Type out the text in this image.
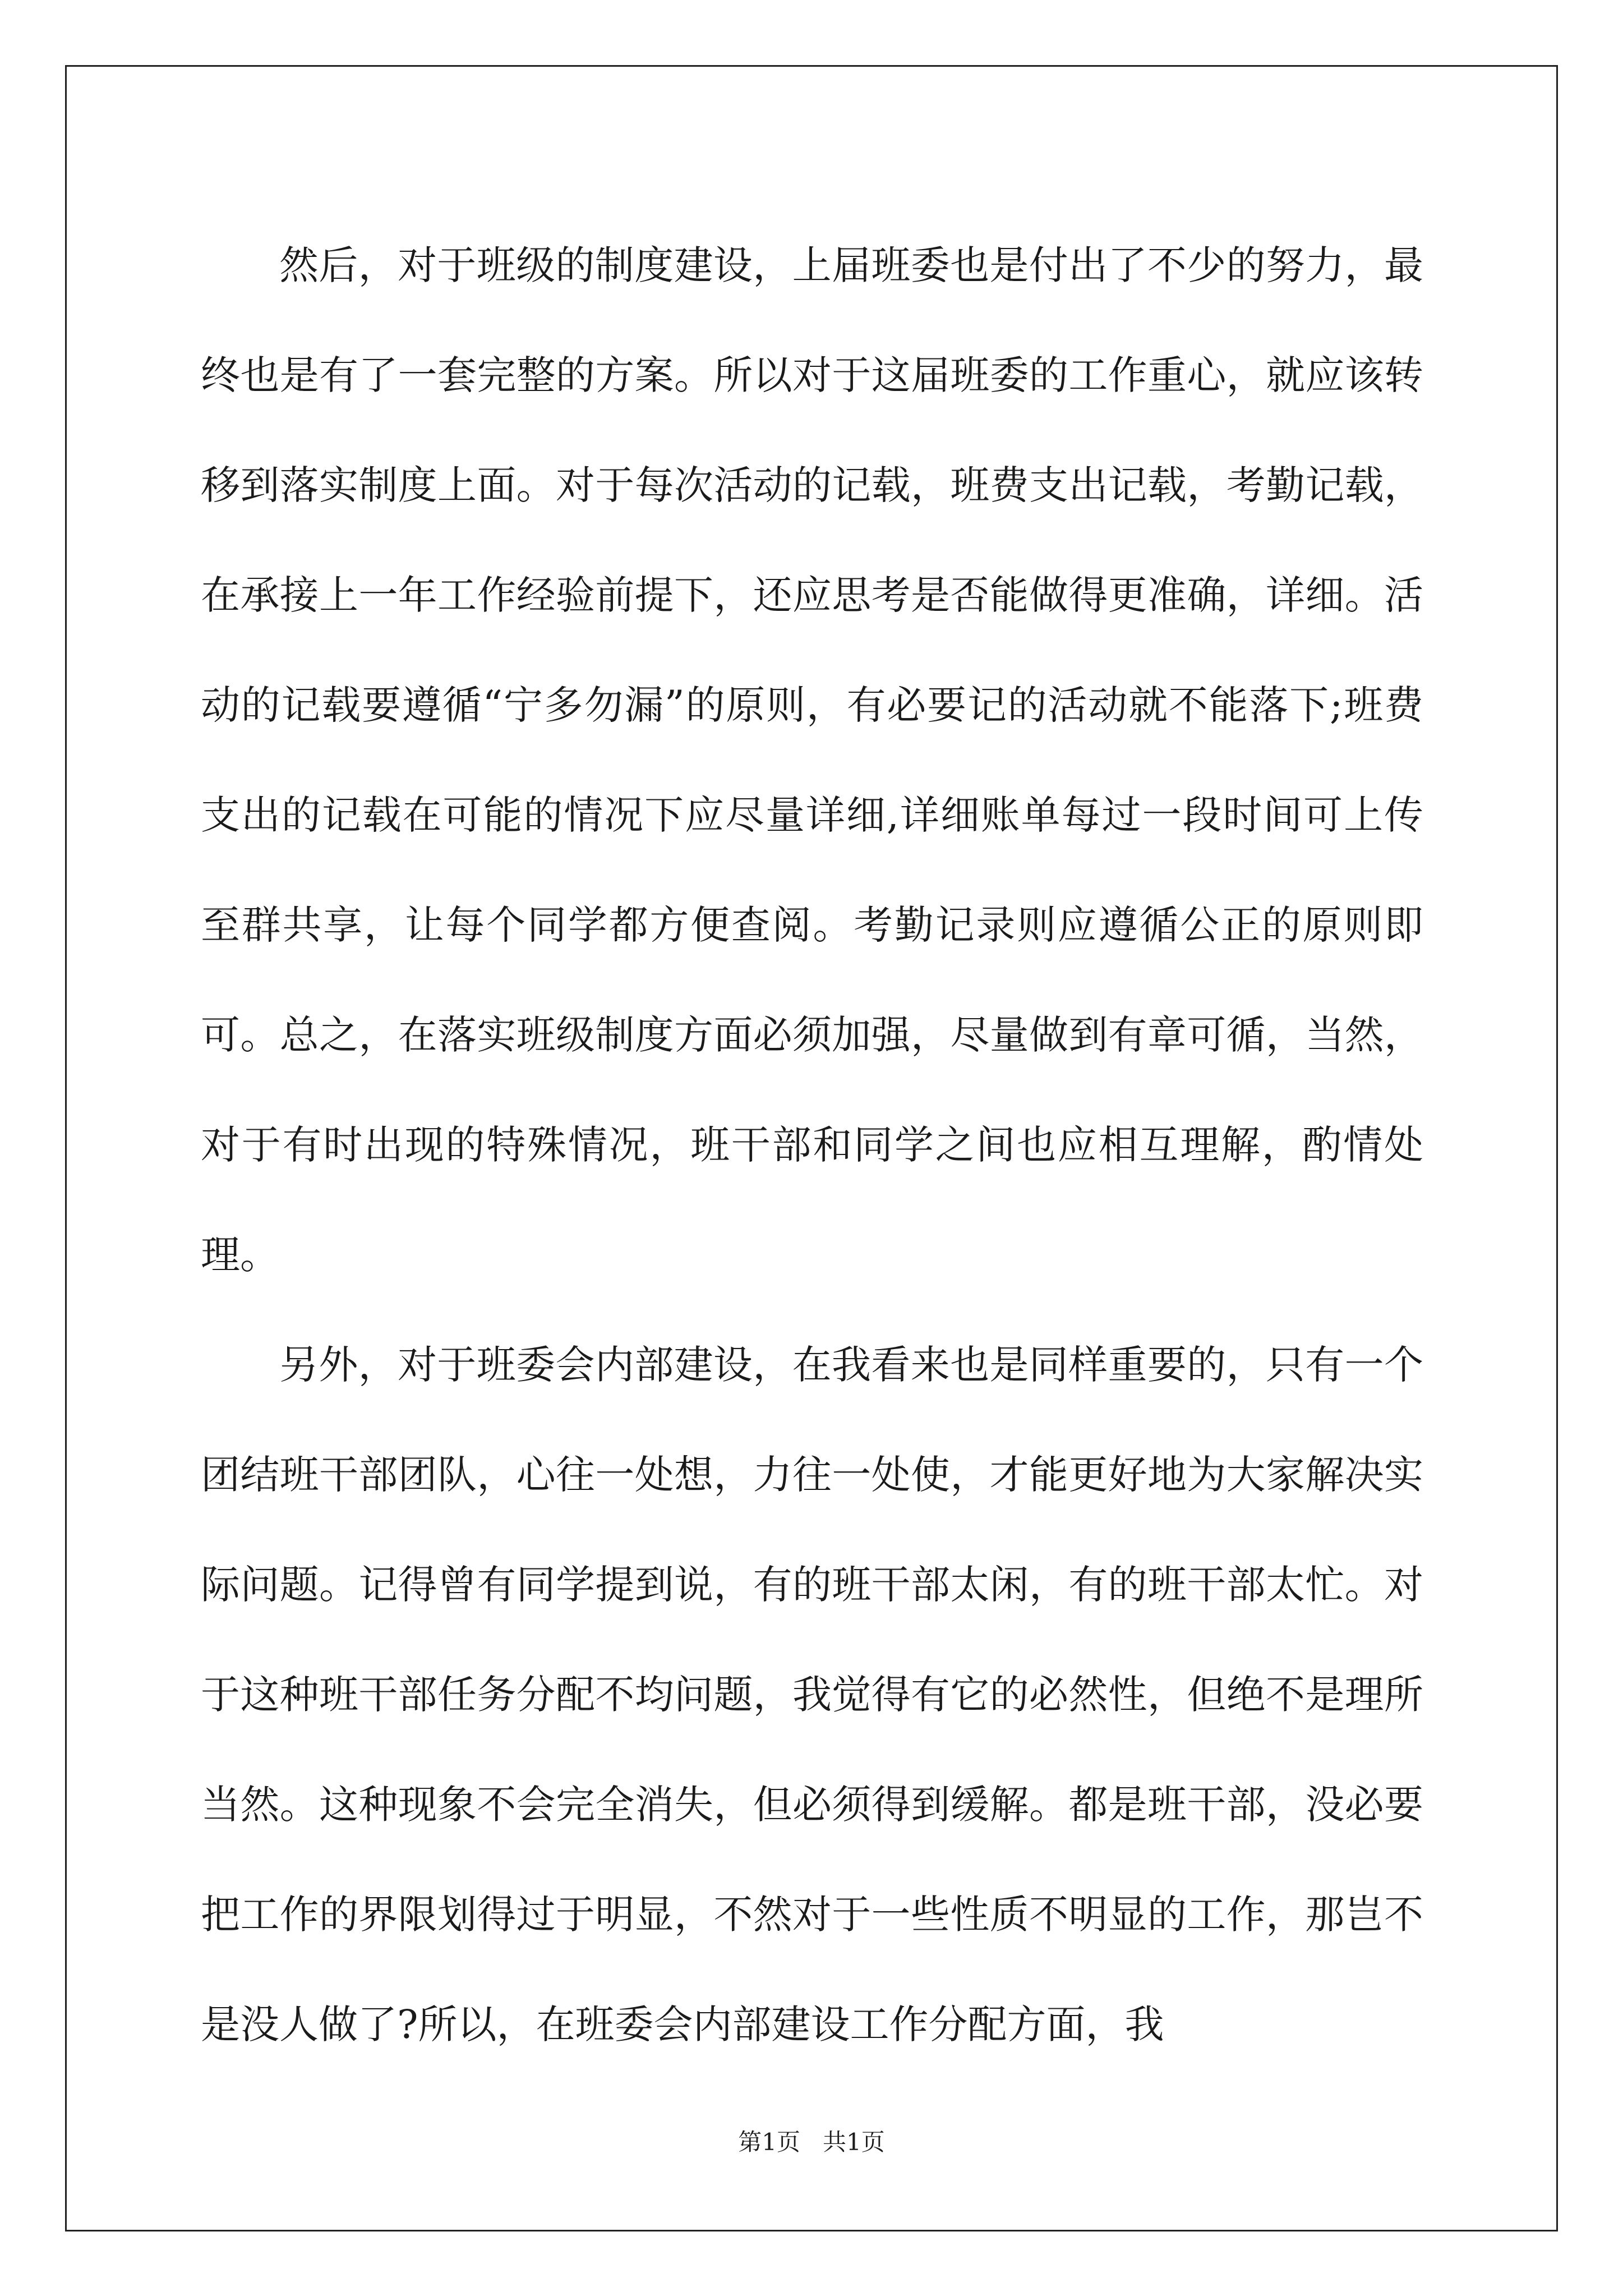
然后，对于班级的制度建设，上届班委也是付出了不少的努力，最终也是有了一套完整的方案。所以对于这届班委的工作重心，就应该转移到落实制度上面。对于每次活动的记载，班费支出记载，考勤记载，在承接上一年工作经验前提下，还应思考是否能做得更准确，详细。活动的记载要遵循“宁多勿漏”的原则，有必要记的活动就不能落下;班费支出的记载在可能的情况下应尽量详细,详细账单每过一段时间可上传至群共享，让每个同学都方便查阅。考勤记录则应遵循公正的原则即可。总之，在落实班级制度方面必须加强，尽量做到有章可循，当然，对于有时出现的特殊情况，班干部和同学之间也应相互理解，酌情处理。

另外，对于班委会内部建设，在我看来也是同样重要的，只有一个团结班干部团队，心往一处想，力往一处使，才能更好地为大家解决实际问题。记得曾有同学提到说，有的班干部太闲，有的班干部太忙。对于这种班干部任务分配不均问题，我觉得有它的必然性，但绝不是理所当然。这种现象不会完全消失，但必须得到缓解。都是班干部，没必要把工作的界限划得过于明显，不然对于一些性质不明显的工作，那岂不是没人做了?所以，在班委会内部建设工作分配方面，我

第1页   共1页
